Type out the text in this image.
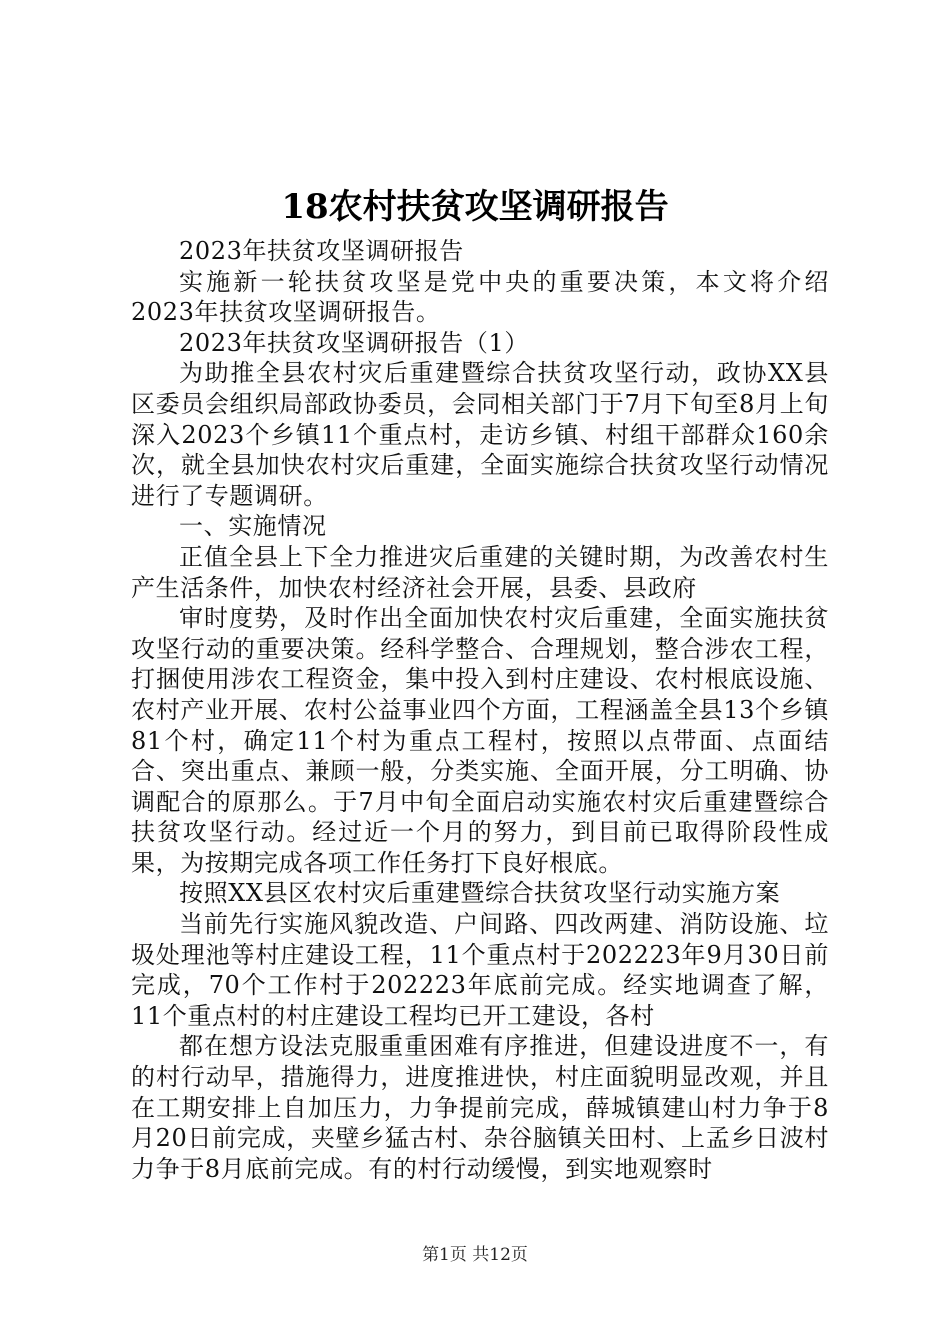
18农村扶贫攻坚调研报告

2023年扶贫攻坚调研报告

实施新一轮扶贫攻坚是党中央的重要决策，本文将介绍2023年扶贫攻坚调研报告。

2023年扶贫攻坚调研报告（1）

为助推全县农村灾后重建暨综合扶贫攻坚行动，政协XX县区委员会组织局部政协委员，会同相关部门于7月下旬至8月上旬深入2023个乡镇11个重点村，走访乡镇、村组干部群众160余次，就全县加快农村灾后重建，全面实施综合扶贫攻坚行动情况进行了专题调研。

一、实施情况

正值全县上下全力推进灾后重建的关键时期，为改善农村生产生活条件，加快农村经济社会开展，县委、县政府

审时度势，及时作出全面加快农村灾后重建，全面实施扶贫攻坚行动的重要决策。经科学整合、合理规划，整合涉农工程，打捆使用涉农工程资金，集中投入到村庄建设、农村根底设施、农村产业开展、农村公益事业四个方面，工程涵盖全县13个乡镇81个村，确定11个村为重点工程村，按照以点带面、点面结合、突出重点、兼顾一般，分类实施、全面开展，分工明确、协调配合的原那么。于7月中旬全面启动实施农村灾后重建暨综合扶贫攻坚行动。经过近一个月的努力，到目前已取得阶段性成果，为按期完成各项工作任务打下良好根底。

按照XX县区农村灾后重建暨综合扶贫攻坚行动实施方案

当前先行实施风貌改造、户间路、四改两建、消防设施、垃圾处理池等村庄建设工程，11个重点村于202223年9月30日前完成，70个工作村于202223年底前完成。经实地调查了解，11个重点村的村庄建设工程均已开工建设，各村

都在想方设法克服重重困难有序推进，但建设进度不一，有的村行动早，措施得力，进度推进快，村庄面貌明显改观，并且在工期安排上自加压力，力争提前完成，薛城镇建山村力争于8月20日前完成，夹壁乡猛古村、杂谷脑镇关田村、上孟乡日波村力争于8月底前完成。有的村行动缓慢，到实地观察时

第1页 共12页
